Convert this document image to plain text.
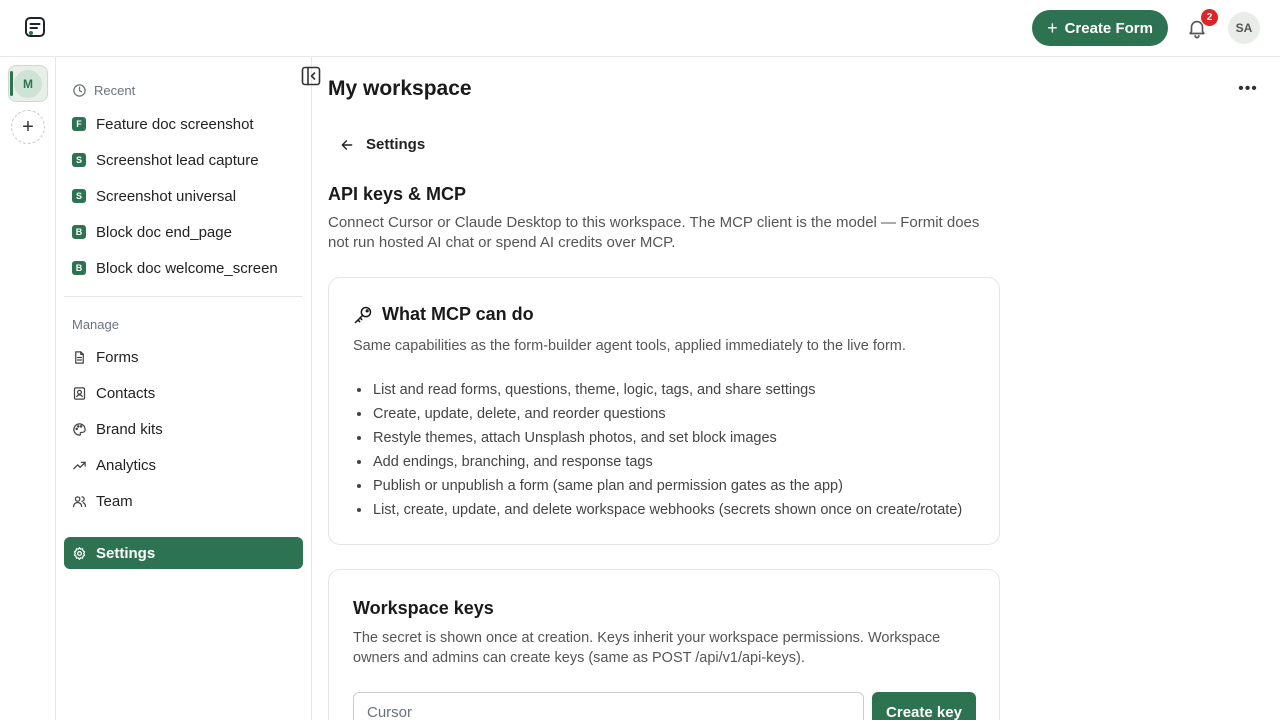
+ Create Form
2
SA
M
+
Recent
F Feature doc screenshot
S Screenshot lead capture
S Screenshot universal
B Block doc end_page
B Block doc welcome_screen
Manage
Forms
Contacts
Brand kits
Analytics
Team
Settings
My workspace	•••
Settings
API keys & MCP
Connect Cursor or Claude Desktop to this workspace. The MCP client is the model — Formit does not run hosted AI chat or spend AI credits over MCP.
What MCP can do
Same capabilities as the form-builder agent tools, applied immediately to the live form.
List and read forms, questions, theme, logic, tags, and share settings
Create, update, delete, and reorder questions
Restyle themes, attach Unsplash photos, and set block images
Add endings, branching, and response tags
Publish or unpublish a form (same plan and permission gates as the app)
List, create, update, and delete workspace webhooks (secrets shown once on create/rotate)
Workspace keys
The secret is shown once at creation. Keys inherit your workspace permissions. Workspace owners and admins can create keys (same as POST /api/v1/api-keys).
Cursor
Create key
